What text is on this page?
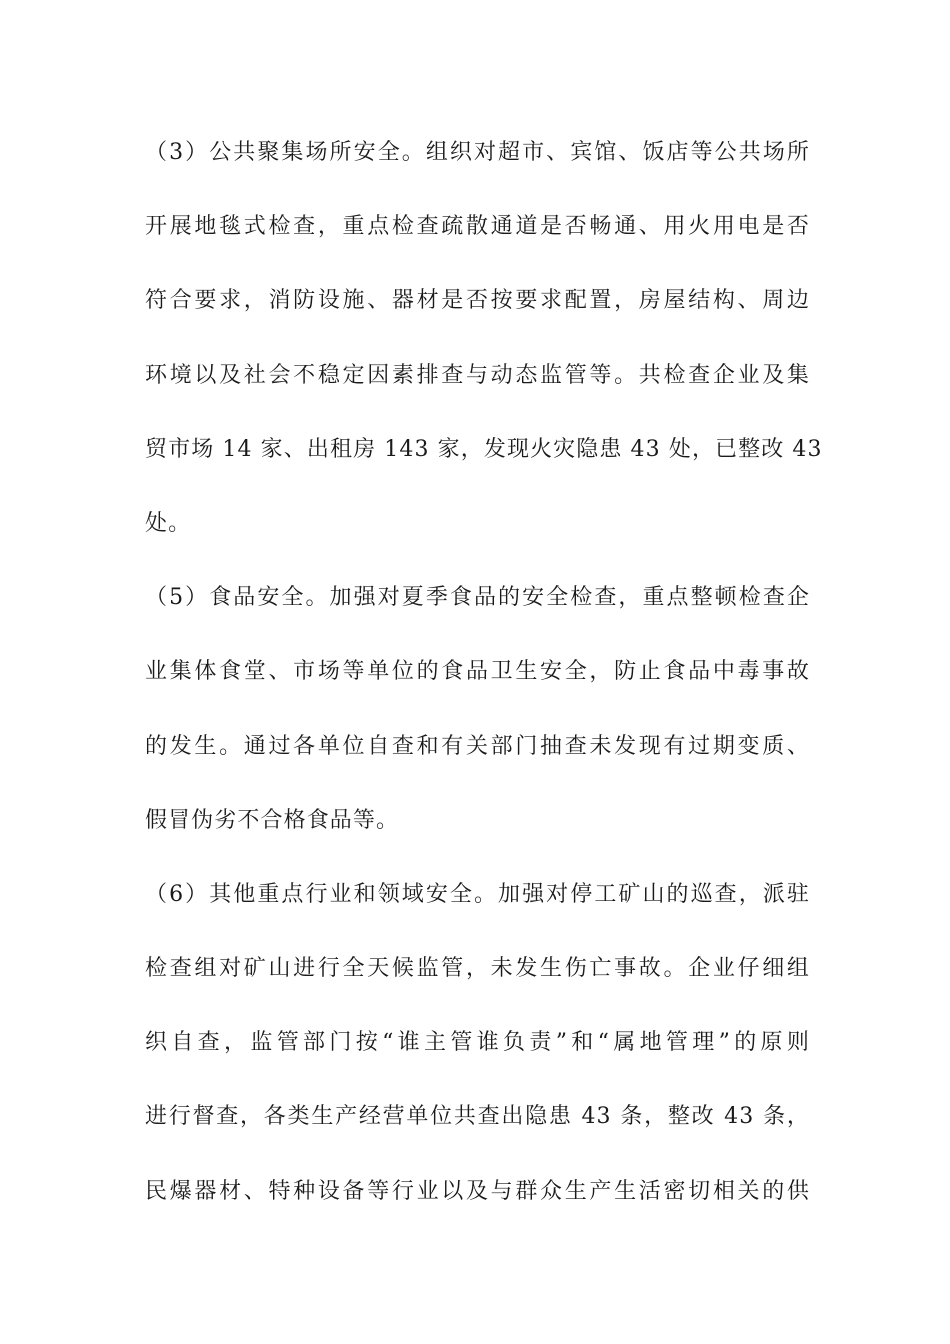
（3）公共聚集场所安全。组织对超市、宾馆、饭店等公共场所
开展地毯式检查，重点检查疏散通道是否畅通、用火用电是否
符合要求，消防设施、器材是否按要求配置，房屋结构、周边
环境以及社会不稳定因素排查与动态监管等。共检查企业及集
贸市场 14 家、出租房 143 家，发现火灾隐患 43 处，已整改 43
处。
（5）食品安全。加强对夏季食品的安全检查，重点整顿检查企
业集体食堂、市场等单位的食品卫生安全，防止食品中毒事故
的发生。通过各单位自查和有关部门抽查未发现有过期变质、
假冒伪劣不合格食品等。
（6）其他重点行业和领域安全。加强对停工矿山的巡查，派驻
检查组对矿山进行全天候监管，未发生伤亡事故。企业仔细组
织自查，监管部门按“谁主管谁负责”和“属地管理”的原则
进行督查，各类生产经营单位共查出隐患 43 条，整改 43 条，
民爆器材、特种设备等行业以及与群众生产生活密切相关的供
